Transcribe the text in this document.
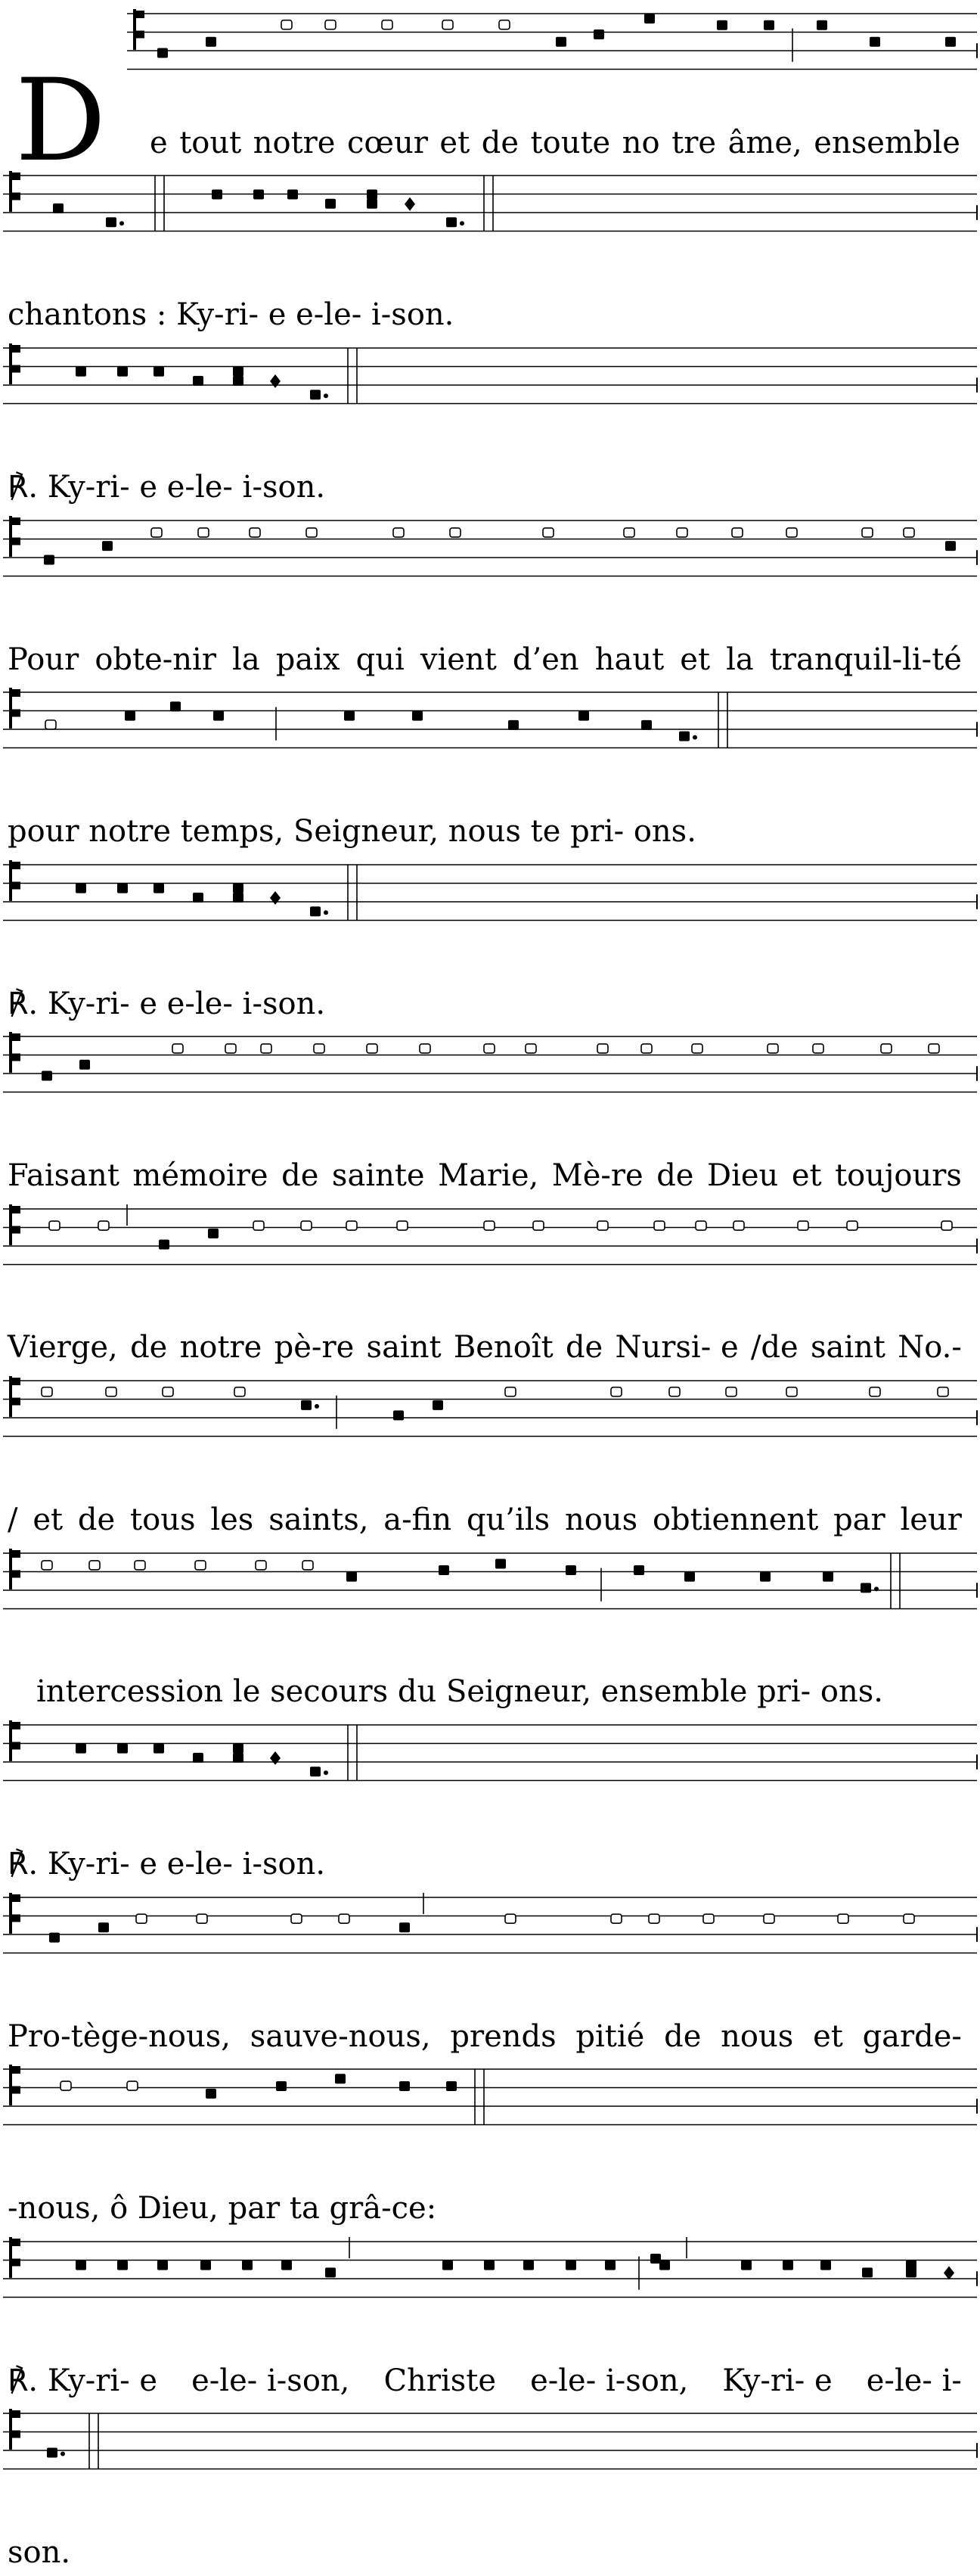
D e tout notre cœur et de toute no tre âme, ensemble
chantons : Ky-ri- e e-le- i-son.
℟. Ky-ri- e e-le- i-son.
Pour obte-nir la paix qui vient d’en haut et la tranquil-li-té
pour notre temps, Seigneur, nous te pri- ons.
℟. Ky-ri- e e-le- i-son.
Faisant mémoire de sainte Marie, Mè-re de Dieu et toujours
Vierge, de notre pè-re saint Benoît de Nursi- e /de saint No.-
/ et de tous les saints, a-fin qu’ils nous obtiennent par leur
intercession le secours du Seigneur, ensemble pri- ons.
℟. Ky-ri- e e-le- i-son.
Pro-tège-nous, sauve-nous, prends pitié de nous et garde-
-nous, ô Dieu, par ta grâ-ce:
℟. Ky-ri- e e-le- i-son, Christe e-le- i-son, Ky-ri- e e-le- i-
son.
